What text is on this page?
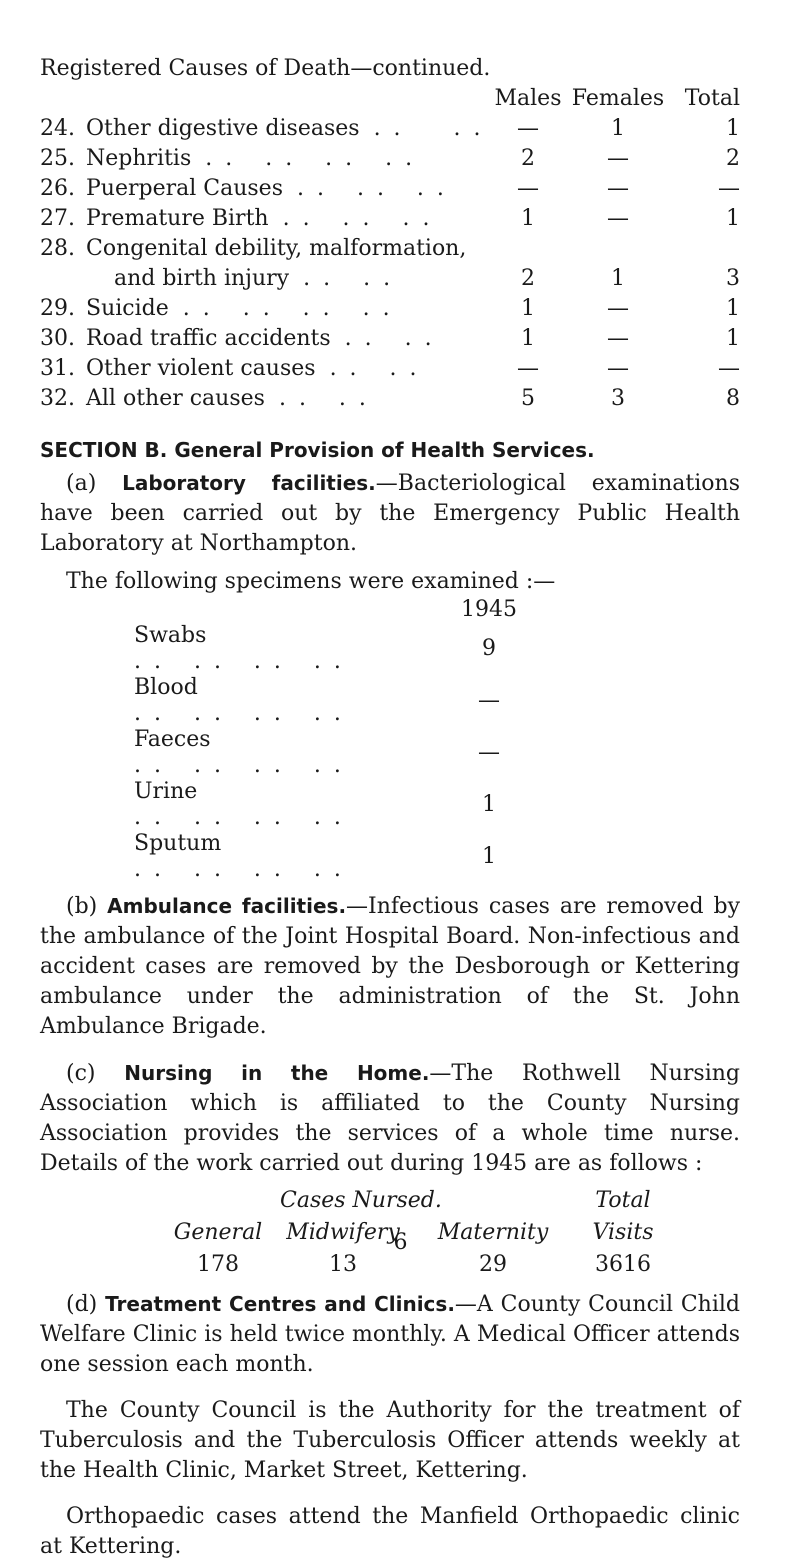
Registered Causes of Death—continued.
		Males	Females	Total
24.	Other digestive diseases . .     . .	—	1	1
25.	Nephritis . .   . .   . .   . .	2	—	2
26.	Puerperal Causes . .   . .   . .	—	—	—
27.	Premature Birth . .   . .   . .	1	—	1
28.	Congenital debility, malformation,			
	and birth injury . .   . .	2	1	3
29.	Suicide . .   . .   . .   . .	1	—	1
30.	Road traffic accidents . .   . .	1	—	1
31.	Other violent causes . .   . .	—	—	—
32.	All other causes . .   . .	5	3	8
SECTION B. General Provision of Health Services.

(a) Laboratory facilities.—Bacteriological examinations have been carried out by the Emergency Public Health Laboratory at Northampton.

The following specimens were examined :—

	1945
Swabs. .   . .   . .   . .	9
Blood. .   . .   . .   . .	—
Faeces. .   . .   . .   . .	—
Urine. .   . .   . .   . .	1
Sputum. .   . .   . .   . .	1

(b) Ambulance facilities.—Infectious cases are removed by the ambulance of the Joint Hospital Board. Non-infectious and accident cases are removed by the Desborough or Kettering ambulance under the administration of the St. John Ambulance Brigade.

(c) Nursing in the Home.—The Rothwell Nursing Association which is affiliated to the County Nursing Association provides the services of a whole time nurse. Details of the work carried out during 1945 are as follows :

	Cases Nursed.		Total
General	Midwifery	Maternity	Visits
178	13	29	3616

(d) Treatment Centres and Clinics.—A County Council Child Welfare Clinic is held twice monthly. A Medical Officer attends one session each month.

The County Council is the Authority for the treatment of Tuberculosis and the Tuberculosis Officer attends weekly at the Health Clinic, Market Street, Kettering.

Orthopaedic cases attend the Manfield Orthopaedic clinic at Kettering.

6
